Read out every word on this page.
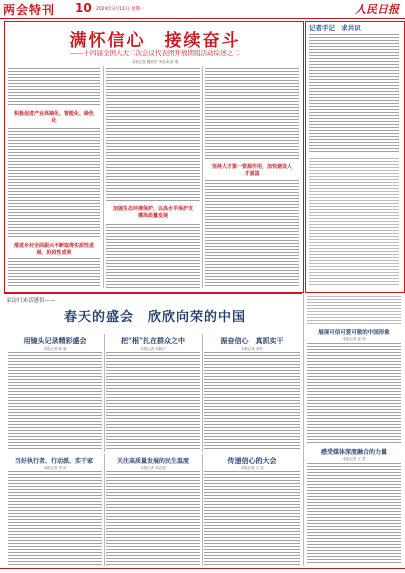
两会特刊 10 2024年3月11日 星期一	人民日报
满怀信心　接续奋斗
——十四届全国人大二次会议代表团开放团组活动综述之二
本报记者 魏哲哲 李昌禹 张 璁
积极促进产业高端化、智能化、绿色化
推进乡村全面振兴不断取得实质性进展、阶段性成果
加强生态环境保护，以高水平保护支撑高质量发展
坚持人才第一资源作用，加快建设人才强国
记者手记 求共识
采访归来话感悟——
春天的盛会　欣欣向荣的中国
用镜头记录精彩盛会
本报记者 陈 斌
把“根”扎在群众之中
本报记者 刘晓宇
振奋信心　真抓实干
本报记者 常钦
展现可信可爱可敬的中国形象
本报记者 崔 如
感受媒体深度融合的力量
本报记者 王 哲
当好执行者、行动派、实干家
本报记者 李 轩
关注高质量发展的民生温度
本报记者 刘志强
传递信心的大会
本报记者 王 浩
